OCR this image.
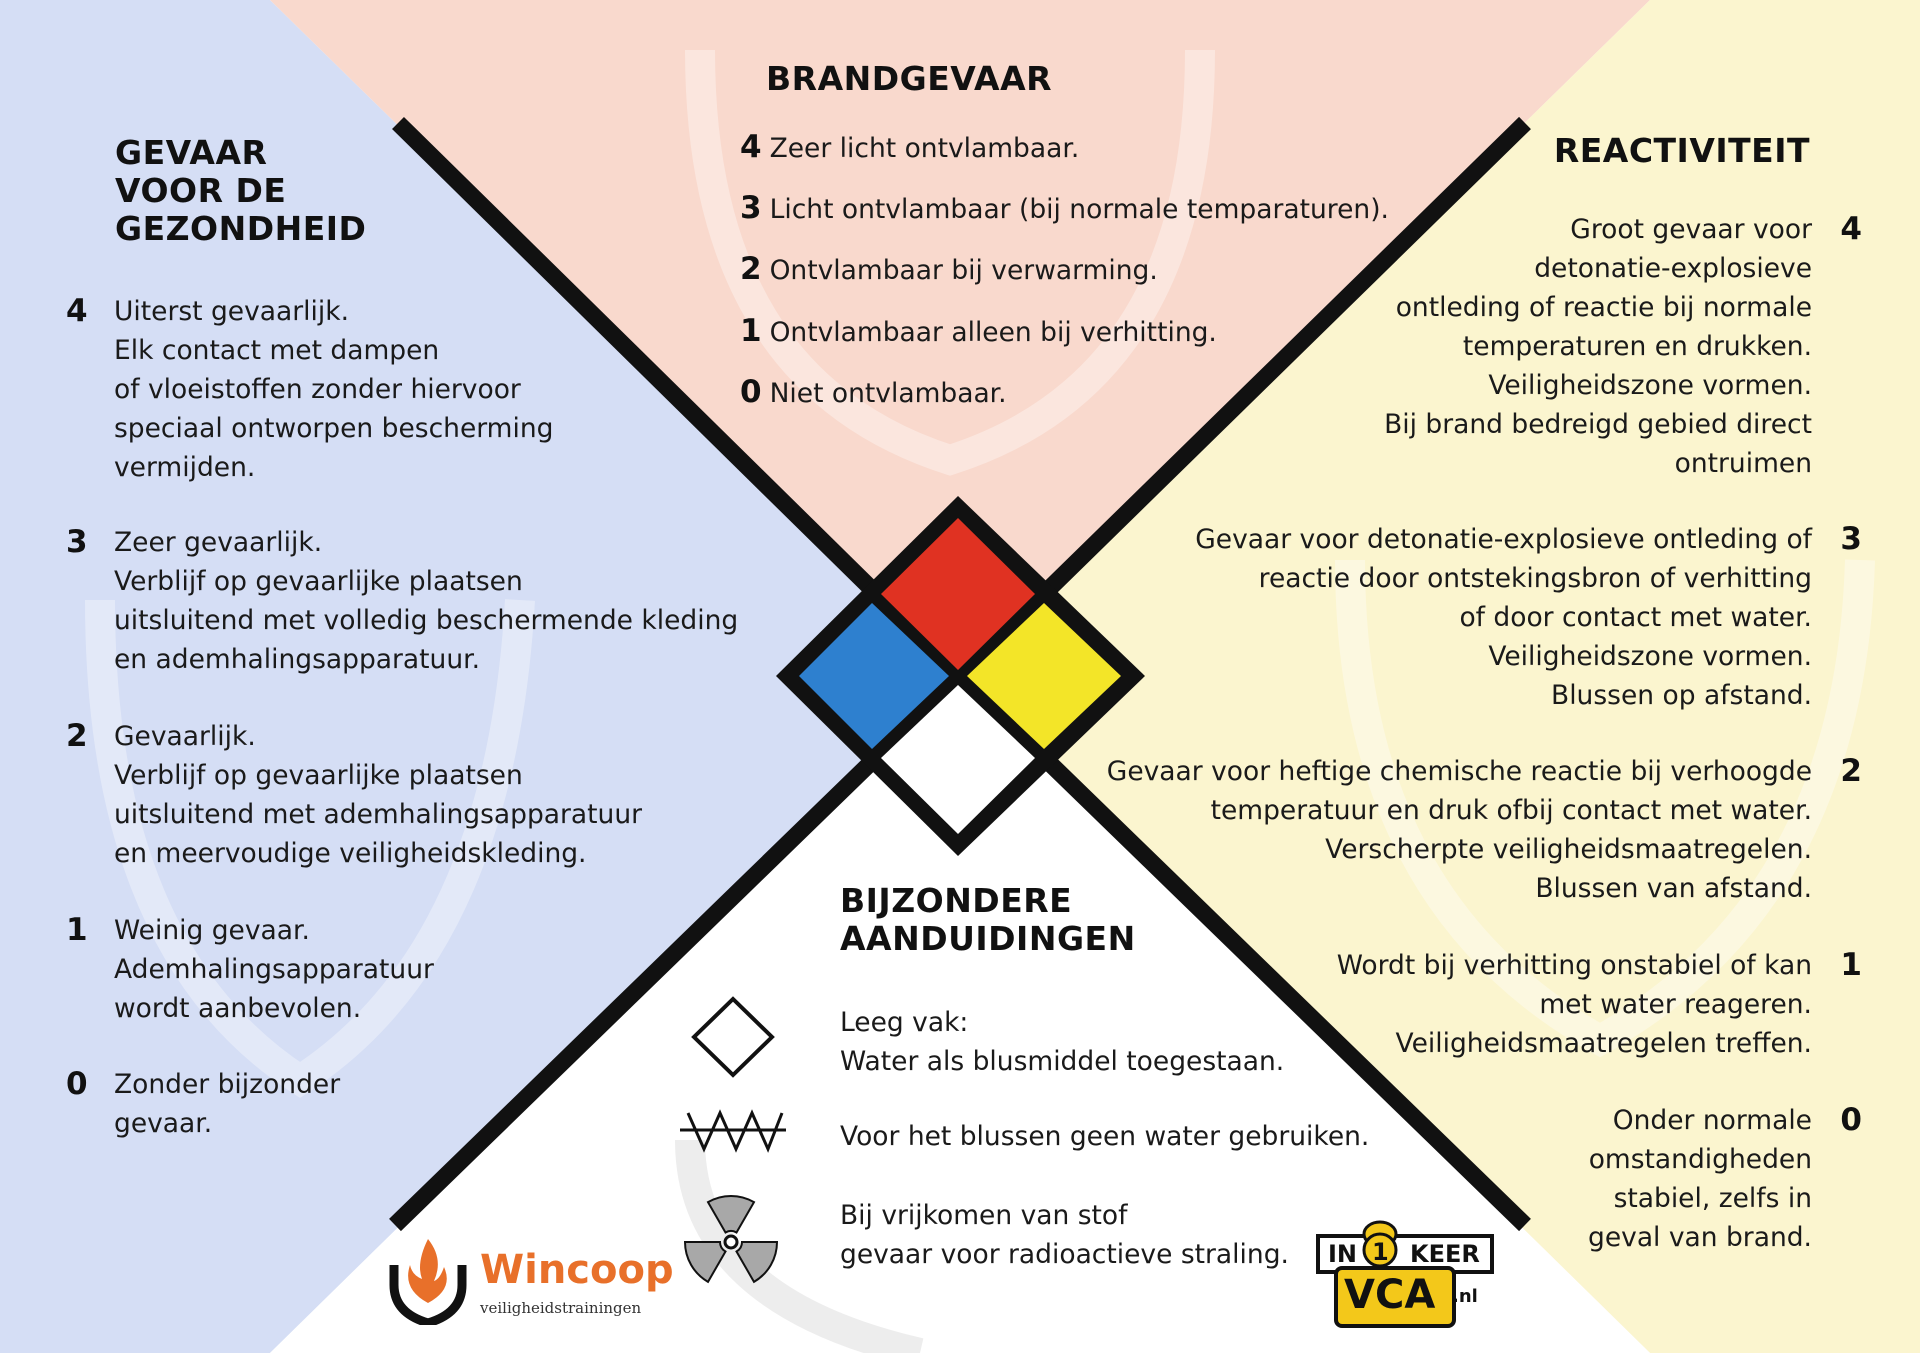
GEVAAR
VOOR DE
GEZONDHEID
4 Uiterst gevaarlijk.
Elk contact met dampen
of vloeistoffen zonder hiervoor
speciaal ontworpen bescherming
vermijden.
3 Zeer gevaarlijk.
Verblijf op gevaarlijke plaatsen
uitsluitend met volledig beschermende kleding
en ademhalingsapparatuur.
2 Gevaarlijk.
Verblijf op gevaarlijke plaatsen
uitsluitend met ademhalingsapparatuur
en meervoudige veiligheidskleding.
1 Weinig gevaar.
Ademhalingsapparatuur
wordt aanbevolen.
0 Zonder bijzonder
gevaar.
BRANDGEVAAR
4 Zeer licht ontvlambaar.
3 Licht ontvlambaar (bij normale temparaturen).
2 Ontvlambaar bij verwarming.
1 Ontvlambaar alleen bij verhitting.
0 Niet ontvlambaar.
REACTIVITEIT
Groot gevaar voor
detonatie-explosieve
ontleding of reactie bij normale
temperaturen en drukken.
Veiligheidszone vormen.
Bij brand bedreigd gebied direct
ontruimen
4
Gevaar voor detonatie-explosieve ontleding of
reactie door ontstekingsbron of verhitting
of door contact met water.
Veiligheidszone vormen.
Blussen op afstand.
3
Gevaar voor heftige chemische reactie bij verhoogde
temperatuur en druk ofbij contact met water.
Verscherpte veiligheidsmaatregelen.
Blussen van afstand.
2
Wordt bij verhitting onstabiel of kan
met water reageren.
Veiligheidsmaatregelen treffen.
1
Onder normale
omstandigheden
stabiel, zelfs in
geval van brand.
0
BIJZONDERE
AANDUIDINGEN
Leeg vak:
Water als blusmiddel toegestaan.
Voor het blussen geen water gebruiken.
Bij vrijkomen van stof
gevaar voor radioactieve straling.
Wincoop
veiligheidstrainingen
IN 1 KEER
VCA .nl
